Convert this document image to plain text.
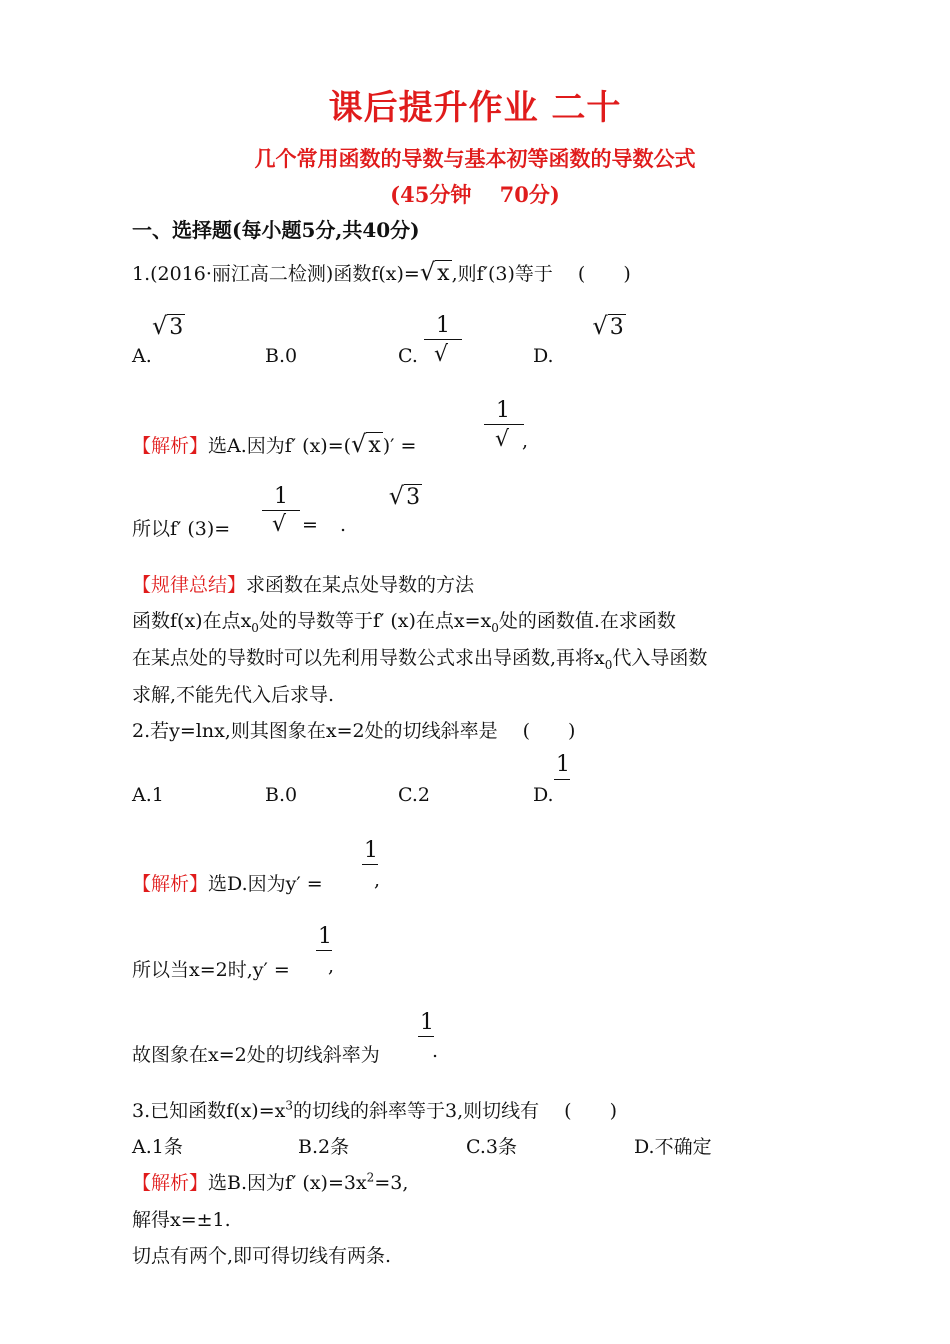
课后提升作业 二十
几个常用函数的导数与基本初等函数的导数公式
(45分钟　 70分)
一、选择题(每小题5分,共40分)
1.(2016·丽江高二检测)函数f(x)=√x ,则f′(3)等于　 (　　)
A.
√3
B.0	C.
1
√	D.
√3
【解析】选A.因为f′ (x)=(√x )′ =
1
√ ,
所以f′ (3)=
1
√ =
√3
.
【规律总结】求函数在某点处导数的方法
函数f(x)在点$x_0$处的导数等于f′ (x)在点$x=x_0$处的函数值.在求函数
在某点处的导数时可以先利用导数公式求出导函数,再将$x_0$代入导函数
求解,不能先代入后求导.
2.若y=lnx,则其图象在x=2处的切线斜率是　 (　　)
A.1	B.0	C.2	D.
1
【解析】选D.因为y′ =
1
,
所以当x=2时,y′ =
1
,
故图象在x=2处的切线斜率为
1
.
3.已知函数$f(x)=x^3$的切线的斜率等于3,则切线有　 (　　)
A.1条	B.2条	C.3条	D.不确定
【解析】选B.因为f′ $(x)=3x^2=3$,
解得x=±1.
切点有两个,即可得切线有两条.
